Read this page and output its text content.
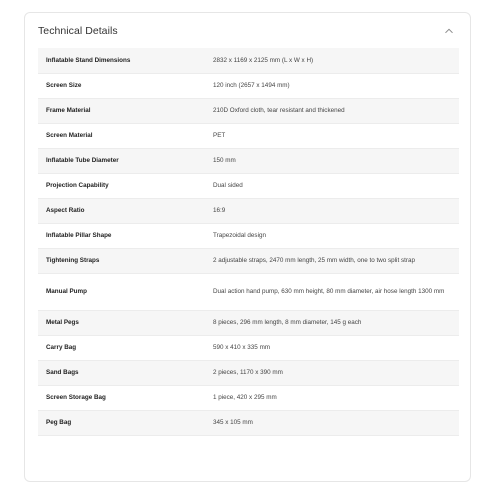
Technical Details
Inflatable Stand Dimensions	2832 x 1169 x 2125 mm (L x W x H)
Screen Size	120 inch (2657 x 1494 mm)
Frame Material	210D Oxford cloth, tear resistant and thickened
Screen Material	PET
Inflatable Tube Diameter	150 mm
Projection Capability	Dual sided
Aspect Ratio	16:9
Inflatable Pillar Shape	Trapezoidal design
Tightening Straps	2 adjustable straps, 2470 mm length, 25 mm width, one to two split strap
Manual Pump	Dual action hand pump, 630 mm height, 80 mm diameter, air hose length 1300 mm
Metal Pegs	8 pieces, 296 mm length, 8 mm diameter, 145 g each
Carry Bag	590 x 410 x 335 mm
Sand Bags	2 pieces, 1170 x 390 mm
Screen Storage Bag	1 piece, 420 x 295 mm
Peg Bag	345 x 105 mm
